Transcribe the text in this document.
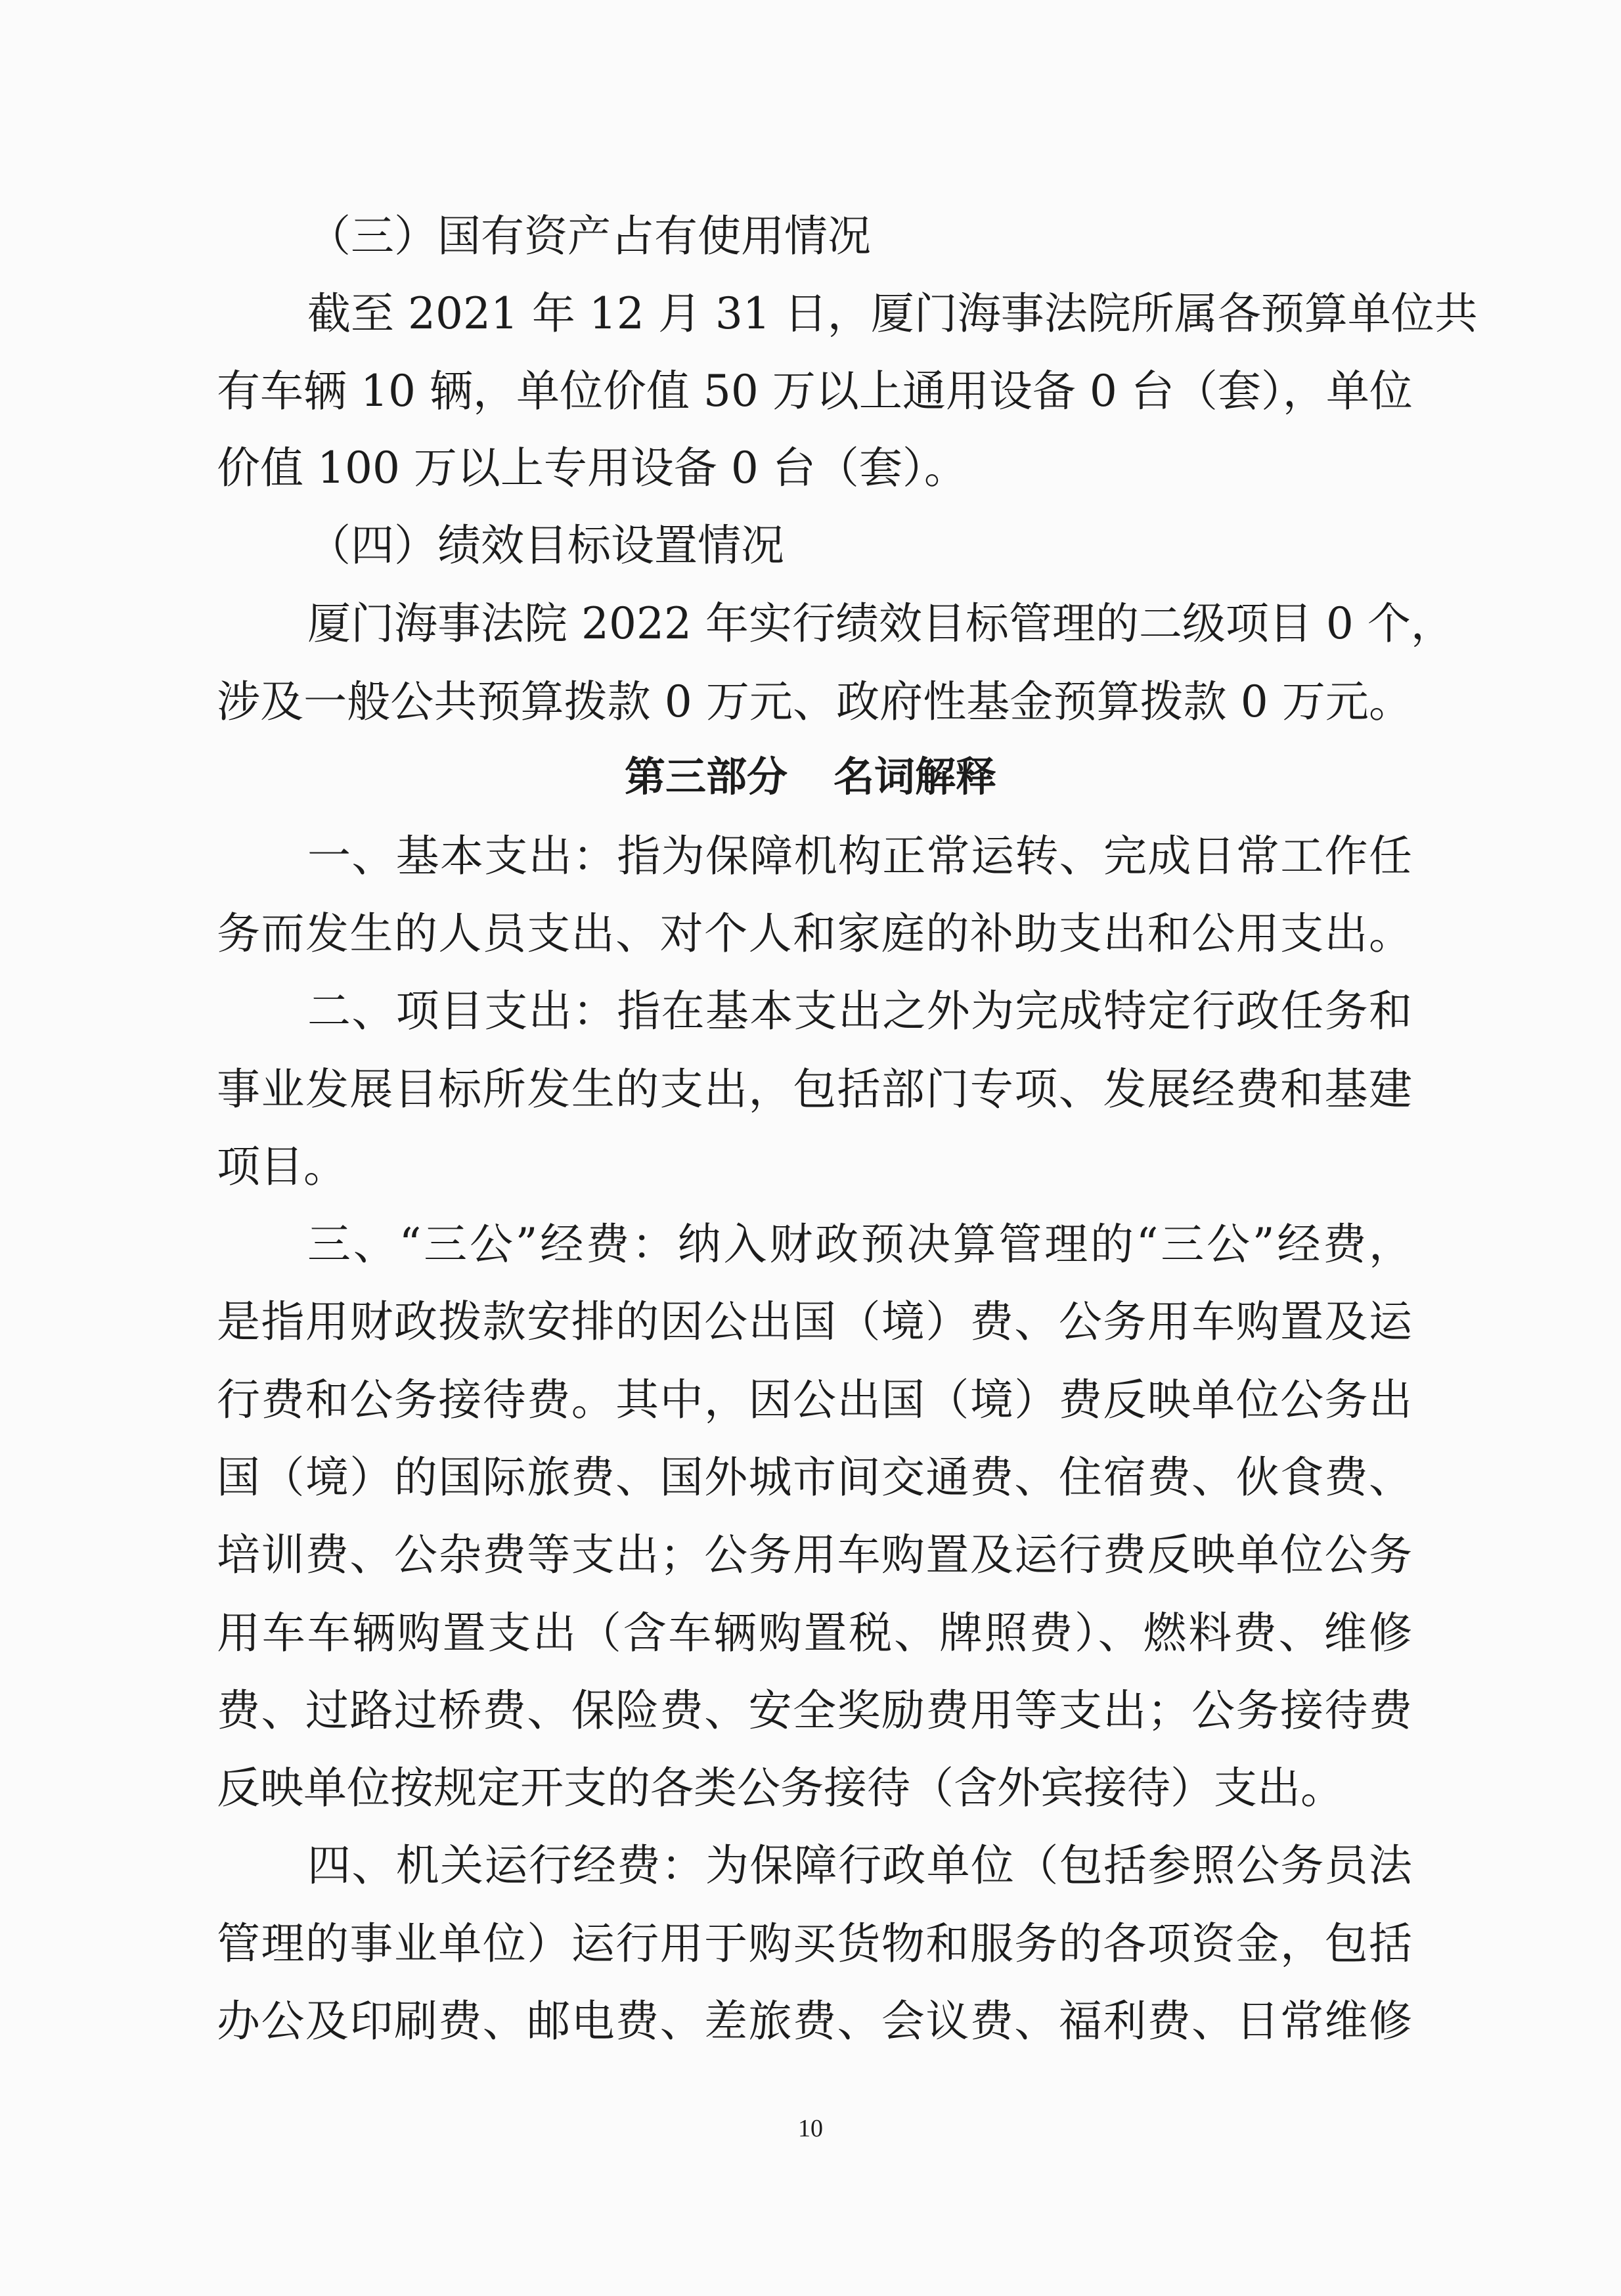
（三）国有资产占有使用情况
截至 2021 年 12 月 31 日，厦门海事法院所属各预算单位共
有车辆 10 辆，单位价值 50 万以上通用设备 0 台（套），单位
价值 100 万以上专用设备 0 台（套）。
（四）绩效目标设置情况
厦门海事法院 2022 年实行绩效目标管理的二级项目 0 个，
涉及一般公共预算拨款 0 万元、政府性基金预算拨款 0 万元。
第三部分 名词解释
一、基本支出：指为保障机构正常运转、完成日常工作任
务而发生的人员支出、对个人和家庭的补助支出和公用支出。
二、项目支出：指在基本支出之外为完成特定行政任务和
事业发展目标所发生的支出，包括部门专项、发展经费和基建
项目。
三、“三公”经费：纳入财政预决算管理的“三公”经费，
是指用财政拨款安排的因公出国（境）费、公务用车购置及运
行费和公务接待费。其中，因公出国（境）费反映单位公务出
国（境）的国际旅费、国外城市间交通费、住宿费、伙食费、
培训费、公杂费等支出；公务用车购置及运行费反映单位公务
用车车辆购置支出（含车辆购置税、牌照费）、燃料费、维修
费、过路过桥费、保险费、安全奖励费用等支出；公务接待费
反映单位按规定开支的各类公务接待（含外宾接待）支出。
四、机关运行经费：为保障行政单位（包括参照公务员法
管理的事业单位）运行用于购买货物和服务的各项资金，包括
办公及印刷费、邮电费、差旅费、会议费、福利费、日常维修
10
